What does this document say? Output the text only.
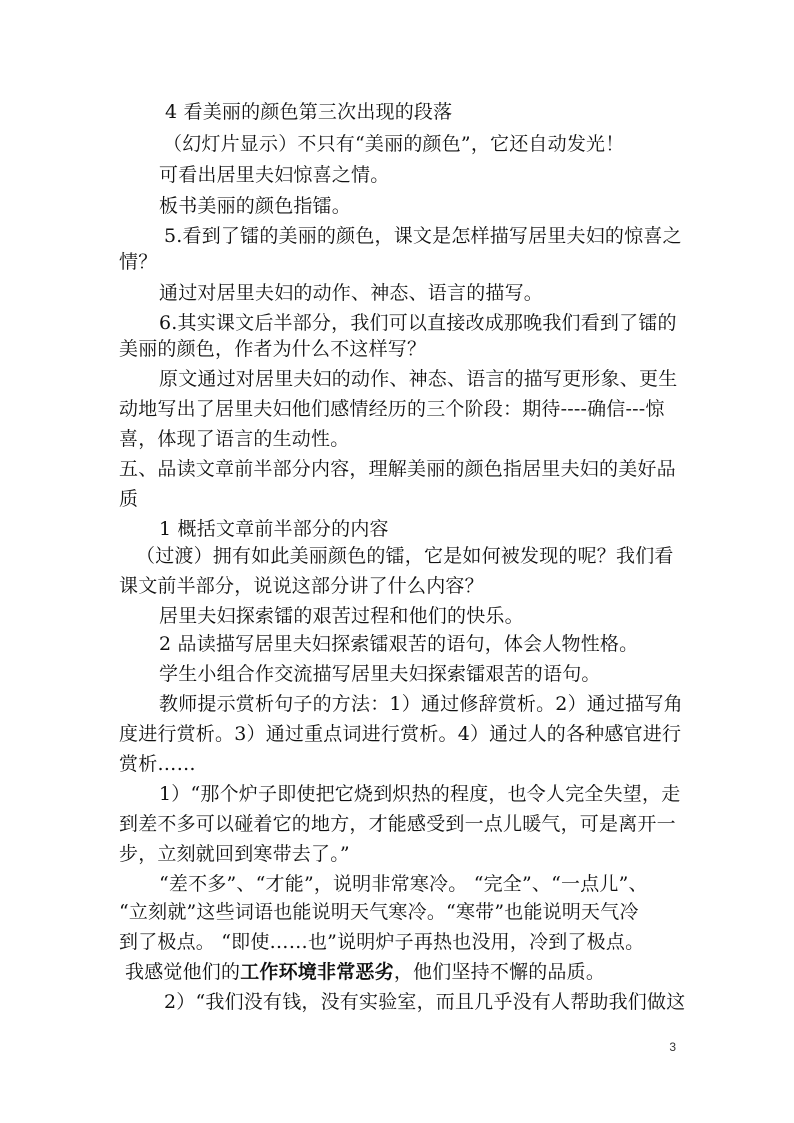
4 看美丽的颜色第三次出现的段落
（幻灯片显示）不只有“美丽的颜色”，它还自动发光！
可看出居里夫妇惊喜之情。
板书美丽的颜色指镭。
5.看到了镭的美丽的颜色，课文是怎样描写居里夫妇的惊喜之
情？
通过对居里夫妇的动作、神态、语言的描写。
6.其实课文后半部分，我们可以直接改成那晚我们看到了镭的
美丽的颜色，作者为什么不这样写？
原文通过对居里夫妇的动作、神态、语言的描写更形象、更生
动地写出了居里夫妇他们感情经历的三个阶段：期待----确信---惊
喜，体现了语言的生动性。
五、品读文章前半部分内容，理解美丽的颜色指居里夫妇的美好品
质
1 概括文章前半部分的内容
（过渡）拥有如此美丽颜色的镭，它是如何被发现的呢？我们看
课文前半部分，说说这部分讲了什么内容？
居里夫妇探索镭的艰苦过程和他们的快乐。
2 品读描写居里夫妇探索镭艰苦的语句，体会人物性格。
学生小组合作交流描写居里夫妇探索镭艰苦的语句。
教师提示赏析句子的方法：1）通过修辞赏析。2）通过描写角
度进行赏析。3）通过重点词进行赏析。4）通过人的各种感官进行
赏析……
1）“那个炉子即使把它烧到炽热的程度，也令人完全失望，走
到差不多可以碰着它的地方，才能感受到一点儿暖气，可是离开一
步，立刻就回到寒带去了。”
“差不多”、“才能”，说明非常寒冷。 “完全”、“一点儿”、
“立刻就”这些词语也能说明天气寒冷。“寒带”也能说明天气冷
到了极点。 “即使……也”说明炉子再热也没用，冷到了极点。
我感觉他们的工作环境非常恶劣，他们坚持不懈的品质。
2）“我们没有钱，没有实验室，而且几乎没有人帮助我们做这
3
